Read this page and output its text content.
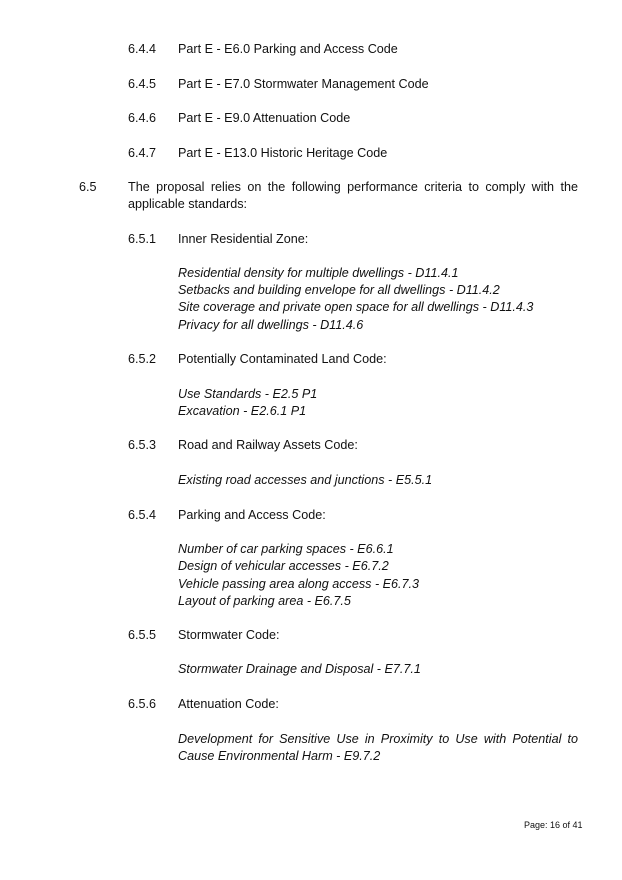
6.4.4 Part E - E6.0 Parking and Access Code
6.4.5 Part E - E7.0 Stormwater Management Code
6.4.6 Part E - E9.0 Attenuation Code
6.4.7 Part E - E13.0 Historic Heritage Code
6.5 The proposal relies on the following performance criteria to comply with the applicable standards:
6.5.1 Inner Residential Zone:
Residential density for multiple dwellings - D11.4.1
Setbacks and building envelope for all dwellings - D11.4.2
Site coverage and private open space for all dwellings - D11.4.3
Privacy for all dwellings - D11.4.6
6.5.2 Potentially Contaminated Land Code:
Use Standards - E2.5 P1
Excavation - E2.6.1 P1
6.5.3 Road and Railway Assets Code:
Existing road accesses and junctions - E5.5.1
6.5.4 Parking and Access Code:
Number of car parking spaces - E6.6.1
Design of vehicular accesses - E6.7.2
Vehicle passing area along access - E6.7.3
Layout of parking area - E6.7.5
6.5.5 Stormwater Code:
Stormwater Drainage and Disposal - E7.7.1
6.5.6 Attenuation Code:
Development for Sensitive Use in Proximity to Use with Potential to Cause Environmental Harm - E9.7.2
Page: 16 of 41
